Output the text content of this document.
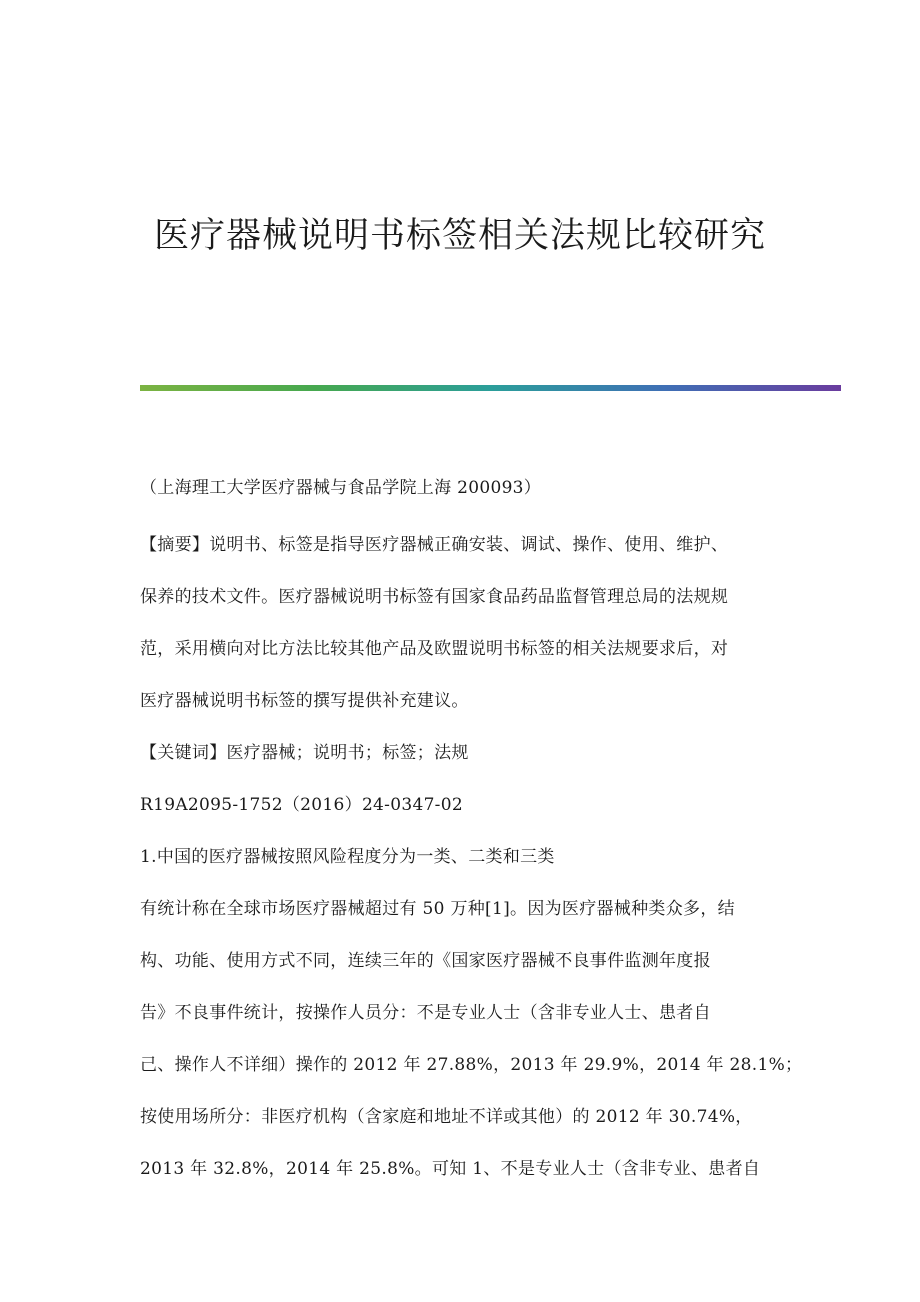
医疗器械说明书标签相关法规比较研究
（上海理工大学医疗器械与食品学院上海 200093）
【摘要】说明书、标签是指导医疗器械正确安装、调试、操作、使用、维护、
保养的技术文件。医疗器械说明书标签有国家食品药品监督管理总局的法规规
范，采用横向对比方法比较其他产品及欧盟说明书标签的相关法规要求后，对
医疗器械说明书标签的撰写提供补充建议。
【关键词】医疗器械；说明书；标签；法规
R19A2095-1752（2016）24-0347-02
1.中国的医疗器械按照风险程度分为一类、二类和三类
有统计称在全球市场医疗器械超过有 50 万种[1]。因为医疗器械种类众多，结
构、功能、使用方式不同，连续三年的《国家医疗器械不良事件监测年度报
告》不良事件统计，按操作人员分：不是专业人士（含非专业人士、患者自
己、操作人不详细）操作的 2012 年 27.88%，2013 年 29.9%，2014 年 28.1%；
按使用场所分：非医疗机构（含家庭和地址不详或其他）的 2012 年 30.74%，
2013 年 32.8%，2014 年 25.8%。可知 1、不是专业人士（含非专业、患者自
